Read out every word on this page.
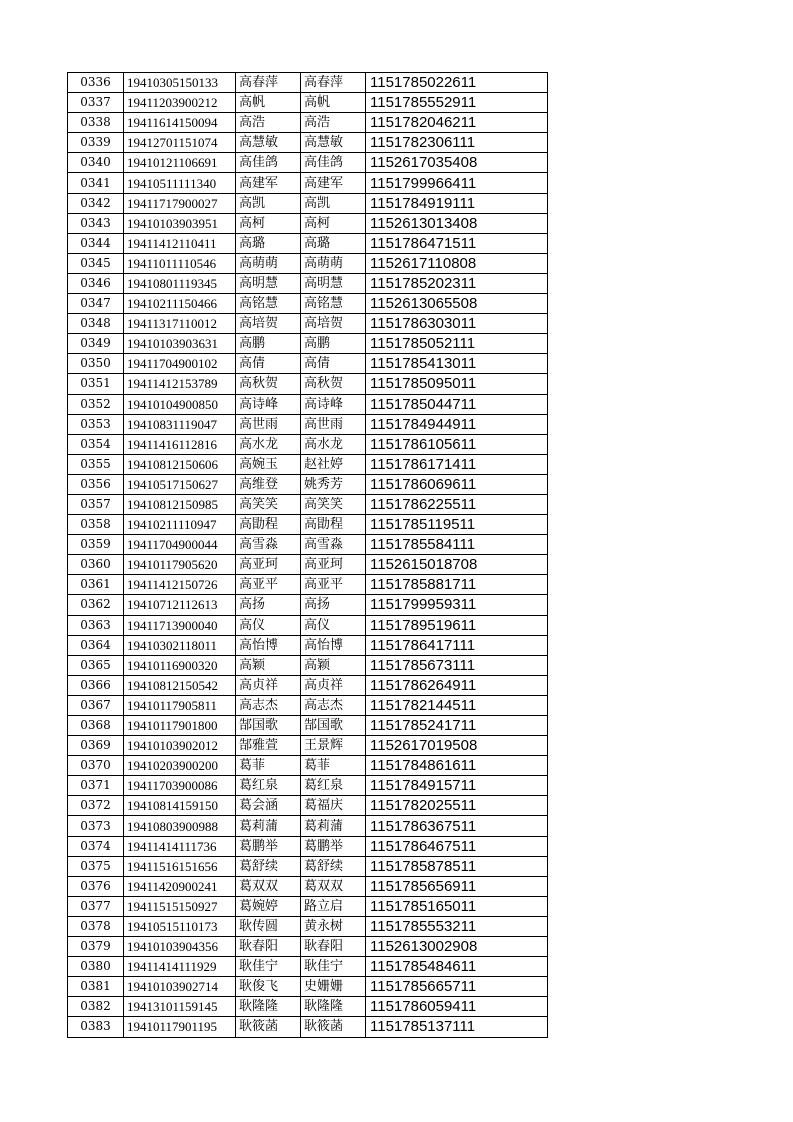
0336	19410305150133	高春萍	高春萍	1151785022611
0337	19411203900212	高帆	高帆	1151785552911
0338	19411614150094	高浩	高浩	1151782046211
0339	19412701151074	高慧敏	高慧敏	1151782306111
0340	19410121106691	高佳鸽	高佳鸽	1152617035408
0341	19410511111340	高建军	高建军	1151799966411
0342	19411717900027	高凯	高凯	1151784919111
0343	19410103903951	高柯	高柯	1152613013408
0344	19411412110411	高璐	高璐	1151786471511
0345	19411011110546	高萌萌	高萌萌	1152617110808
0346	19410801119345	高明慧	高明慧	1151785202311
0347	19410211150466	高铭慧	高铭慧	1152613065508
0348	19411317110012	高培贺	高培贺	1151786303011
0349	19410103903631	高鹏	高鹏	1151785052111
0350	19411704900102	高倩	高倩	1151785413011
0351	19411412153789	高秋贺	高秋贺	1151785095011
0352	19410104900850	高诗峰	高诗峰	1151785044711
0353	19410831119047	高世雨	高世雨	1151784944911
0354	19411416112816	高水龙	高水龙	1151786105611
0355	19410812150606	高婉玉	赵社婷	1151786171411
0356	19410517150627	高维登	姚秀芳	1151786069611
0357	19410812150985	高笑笑	高笑笑	1151786225511
0358	19410211110947	高勖程	高勖程	1151785119511
0359	19411704900044	高雪淼	高雪淼	1151785584111
0360	19410117905620	高亚珂	高亚珂	1152615018708
0361	19411412150726	高亚平	高亚平	1151785881711
0362	19410712112613	高扬	高扬	1151799959311
0363	19411713900040	高仪	高仪	1151789519611
0364	19410302118011	高怡博	高怡博	1151786417111
0365	19410116900320	高颖	高颖	1151785673111
0366	19410812150542	高贞祥	高贞祥	1151786264911
0367	19410117905811	高志杰	高志杰	1151782144511
0368	19410117901800	郜国歌	郜国歌	1151785241711
0369	19410103902012	郜雅萱	王景辉	1152617019508
0370	19410203900200	葛菲	葛菲	1151784861611
0371	19411703900086	葛红泉	葛红泉	1151784915711
0372	19410814159150	葛会涵	葛福庆	1151782025511
0373	19410803900988	葛莉蒲	葛莉蒲	1151786367511
0374	19411414111736	葛鹏举	葛鹏举	1151786467511
0375	19411516151656	葛舒续	葛舒续	1151785878511
0376	19411420900241	葛双双	葛双双	1151785656911
0377	19411515150927	葛婉婷	路立启	1151785165011
0378	19410515110173	耿传圆	黄永树	1151785553211
0379	19410103904356	耿春阳	耿春阳	1152613002908
0380	19411414111929	耿佳宁	耿佳宁	1151785484611
0381	19410103902714	耿俊飞	史姗姗	1151785665711
0382	19413101159145	耿隆隆	耿隆隆	1151786059411
0383	19410117901195	耿筱菡	耿筱菡	1151785137111
